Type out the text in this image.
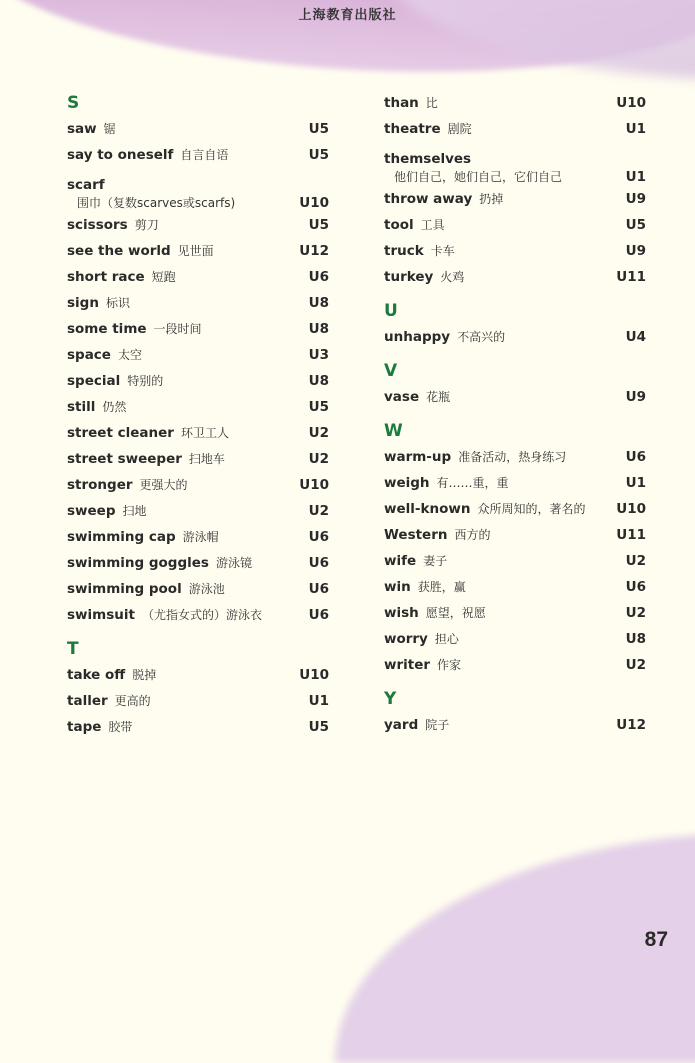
上海教育出版社
S
saw 锯	U5
say to oneself 自言自语	U5
scarf
围巾（复数scarves或scarfs)	U10
scissors 剪刀	U5
see the world 见世面	U12
short race 短跑	U6
sign 标识	U8
some time 一段时间	U8
space 太空	U3
special 特别的	U8
still 仍然	U5
street cleaner 环卫工人	U2
street sweeper 扫地车	U2
stronger 更强大的	U10
sweep 扫地	U2
swimming cap 游泳帽	U6
swimming goggles 游泳镜	U6
swimming pool 游泳池	U6
swimsuit （尤指女式的）游泳衣	U6
T
take off 脱掉	U10
taller 更高的	U1
tape 胶带	U5
than 比	U10
theatre 剧院	U1
themselves
他们自己，她们自己，它们自己	U1
throw away 扔掉	U9
tool 工具	U5
truck 卡车	U9
turkey 火鸡	U11
U
unhappy 不高兴的	U4
V
vase 花瓶	U9
W
warm-up 准备活动，热身练习	U6
weigh 有……重，重	U1
well-known 众所周知的，著名的 U10
Western 西方的	U11
wife 妻子	U2
win 获胜，赢	U6
wish 愿望，祝愿	U2
worry 担心	U8
writer 作家	U2
Y
yard 院子	U12
87
